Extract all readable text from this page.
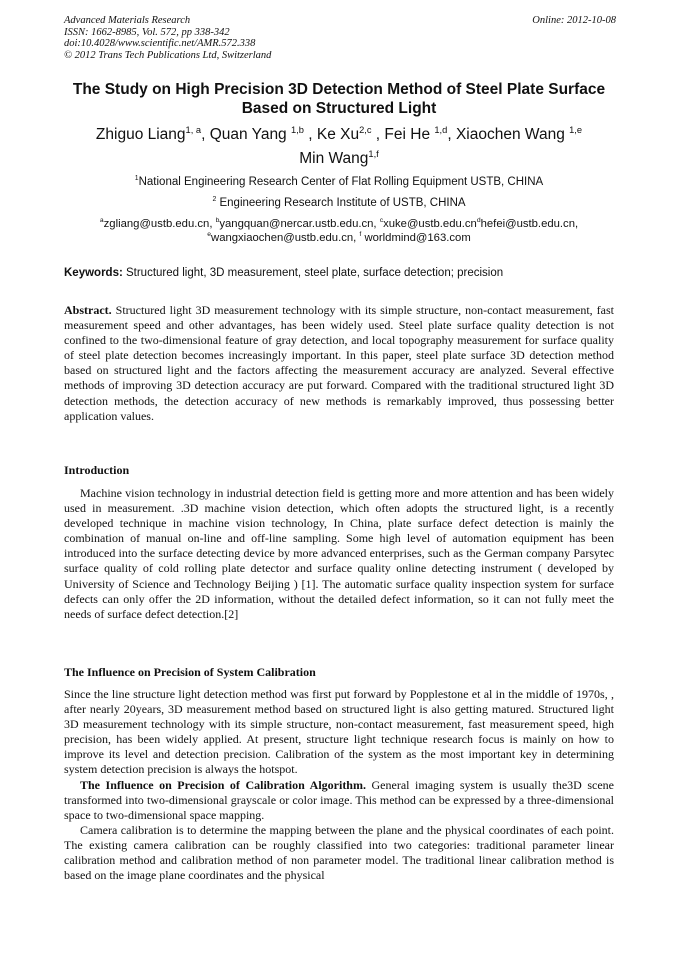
Advanced Materials Research
ISSN: 1662-8985, Vol. 572, pp 338-342
doi:10.4028/www.scientific.net/AMR.572.338
© 2012 Trans Tech Publications Ltd, Switzerland
Online: 2012-10-08
The Study on High Precision 3D Detection Method of Steel Plate Surface
Based on Structured Light
Zhiguo Liang$^{1, a}$, Quan Yang $^{1,b}$ , Ke Xu$^{2,c}$ , Fei He $^{1,d}$, Xiaochen Wang $^{1,e}$
Min Wang$^{1,f}$
$^1$National Engineering Research Center of Flat Rolling Equipment USTB, CHINA
$^2$ Engineering Research Institute of USTB, CHINA
$^a$zgliang@ustb.edu.cn, $^b$yangquan@nercar.ustb.edu.cn, $^cxuke@ustb.edu.cn^dhefei@ustb.edu.cn$,
$^e$wangxiaochen@ustb.edu.cn, $^f$ worldmind@163.com
Keywords: Structured light, 3D measurement, steel plate, surface detection; precision

Abstract. Structured light 3D measurement technology with its simple structure, non-contact measurement, fast measurement speed and other advantages, has been widely used. Steel plate surface quality detection is not confined to the two-dimensional feature of gray detection, and local topography measurement for surface quality of steel plate detection becomes increasingly important. In this paper, steel plate surface 3D detection method based on structured light and the factors affecting the measurement accuracy are analyzed. Several effective methods of improving 3D detection accuracy are put forward. Compared with the traditional structured light 3D detection methods, the detection accuracy of new methods is remarkably improved, thus possessing better application values.

Introduction

Machine vision technology in industrial detection field is getting more and more attention and has been widely used in measurement. .3D machine vision detection, which often adopts the structured light, is a recently developed technique in machine vision technology, In China, plate surface defect detection is mainly the combination of manual on-line and off-line sampling. Some high level of automation equipment has been introduced into the surface detecting device by more advanced enterprises, such as the German company Parsytec surface quality of cold rolling plate detector and surface quality online detecting instrument ( developed by University of Science and Technology Beijing ) [1]. The automatic surface quality inspection system for surface defects can only offer the 2D information, without the detailed defect information, so it can not fully meet the needs of surface defect detection.[2]

The Influence on Precision of System Calibration

Since the line structure light detection method was first put forward by Popplestone et al in the middle of 1970s, , after nearly 20years, 3D measurement method based on structured light is also getting matured. Structured light 3D measurement technology with its simple structure, non-contact measurement, fast measurement speed, high precision, has been widely applied. At present, structure light technique research focus is mainly on how to improve its level and detection precision. Calibration of the system as the most important key in determining system detection precision is always the hotspot.

The Influence on Precision of Calibration Algorithm. General imaging system is usually the3D scene transformed into two-dimensional grayscale or color image. This method can be expressed by a three-dimensional space to two-dimensional space mapping.

Camera calibration is to determine the mapping between the plane and the physical coordinates of each point. The existing camera calibration can be roughly classified into two categories: traditional parameter linear calibration method and calibration method of non parameter model. The traditional linear calibration method is based on the image plane coordinates and the physical
